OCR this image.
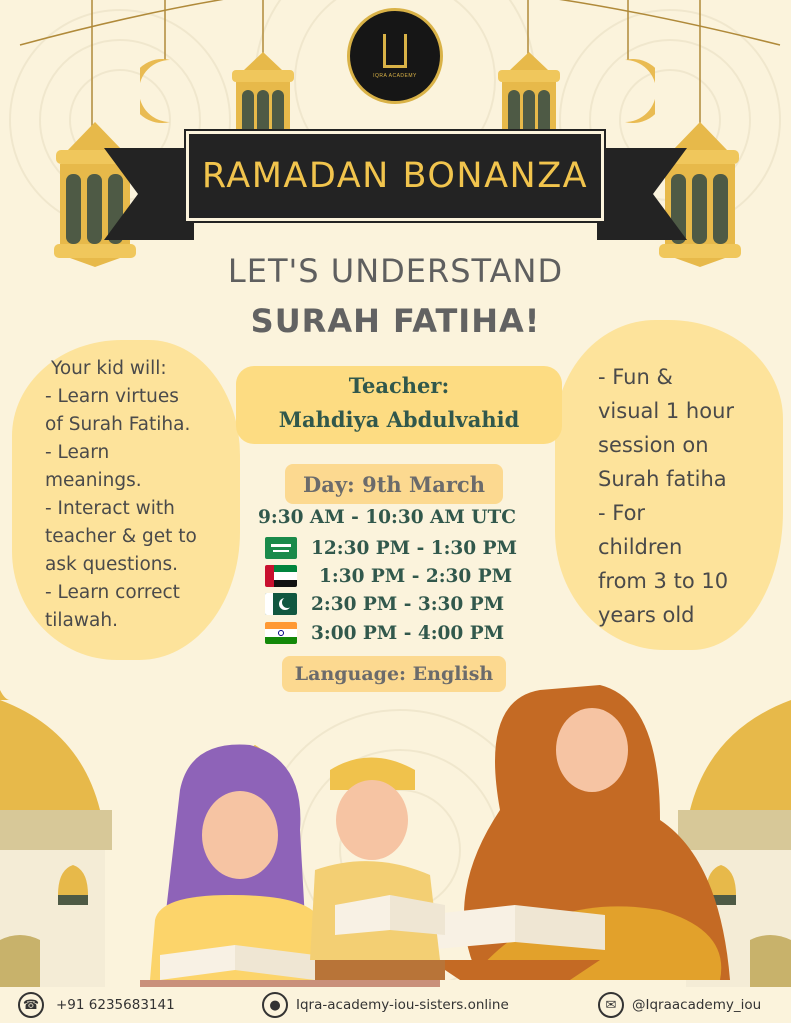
IQRA ACADEMY
RAMADAN BONANZA
LET'S UNDERSTAND
SURAH FATIHA!
Your kid will:
- Learn virtues
of Surah Fatiha.
- Learn
meanings.
- Interact with
teacher & get to
ask questions.
- Learn correct
tilawah.
- Fun &
visual 1 hour
session on
Surah fatiha
- For
children
from 3 to 10
years old
Teacher:
Mahdiya Abdulvahid
Day: 9th March
9:30 AM - 10:30 AM UTC
12:30 PM - 1:30 PM
1:30 PM - 2:30 PM
2:30 PM - 3:30 PM
3:00 PM - 4:00 PM
Language: English
☎	+91 6235683141	●	Iqra-academy-iou-sisters.online	✉	@Iqraacademy_iou
